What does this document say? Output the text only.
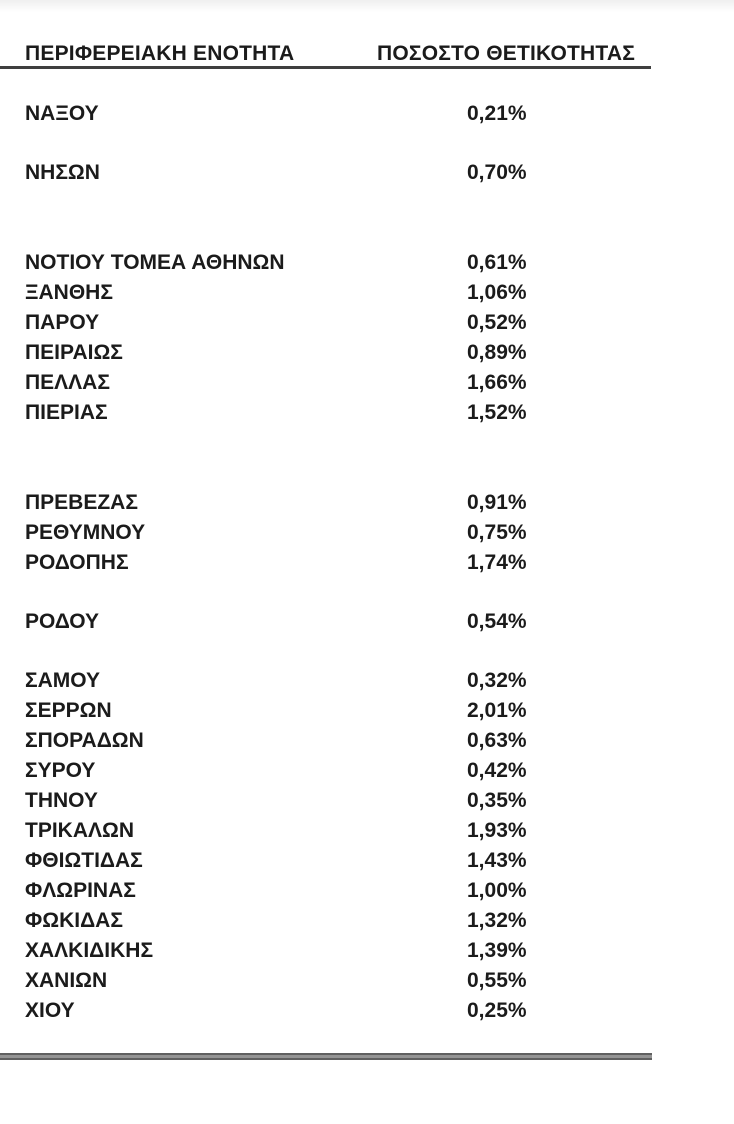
ΠΕΡΙΦΕΡΕΙΑΚΗ ΕΝΟΤΗΤΑ	ΠΟΣΟΣΤΟ ΘΕΤΙΚΟΤΗΤΑΣ
ΝΑΞΟΥ	0,21%
ΝΗΣΩΝ	0,70%
ΝΟΤΙΟΥ ΤΟΜΕΑ ΑΘΗΝΩΝ	0,61%
ΞΑΝΘΗΣ	1,06%
ΠΑΡΟΥ	0,52%
ΠΕΙΡΑΙΩΣ	0,89%
ΠΕΛΛΑΣ	1,66%
ΠΙΕΡΙΑΣ	1,52%
ΠΡΕΒΕΖΑΣ	0,91%
ΡΕΘΥΜΝΟΥ	0,75%
ΡΟΔΟΠΗΣ	1,74%
ΡΟΔΟΥ	0,54%
ΣΑΜΟΥ	0,32%
ΣΕΡΡΩΝ	2,01%
ΣΠΟΡΑΔΩΝ	0,63%
ΣΥΡΟΥ	0,42%
ΤΗΝΟΥ	0,35%
ΤΡΙΚΑΛΩΝ	1,93%
ΦΘΙΩΤΙΔΑΣ	1,43%
ΦΛΩΡΙΝΑΣ	1,00%
ΦΩΚΙΔΑΣ	1,32%
ΧΑΛΚΙΔΙΚΗΣ	1,39%
ΧΑΝΙΩΝ	0,55%
ΧΙΟΥ	0,25%
